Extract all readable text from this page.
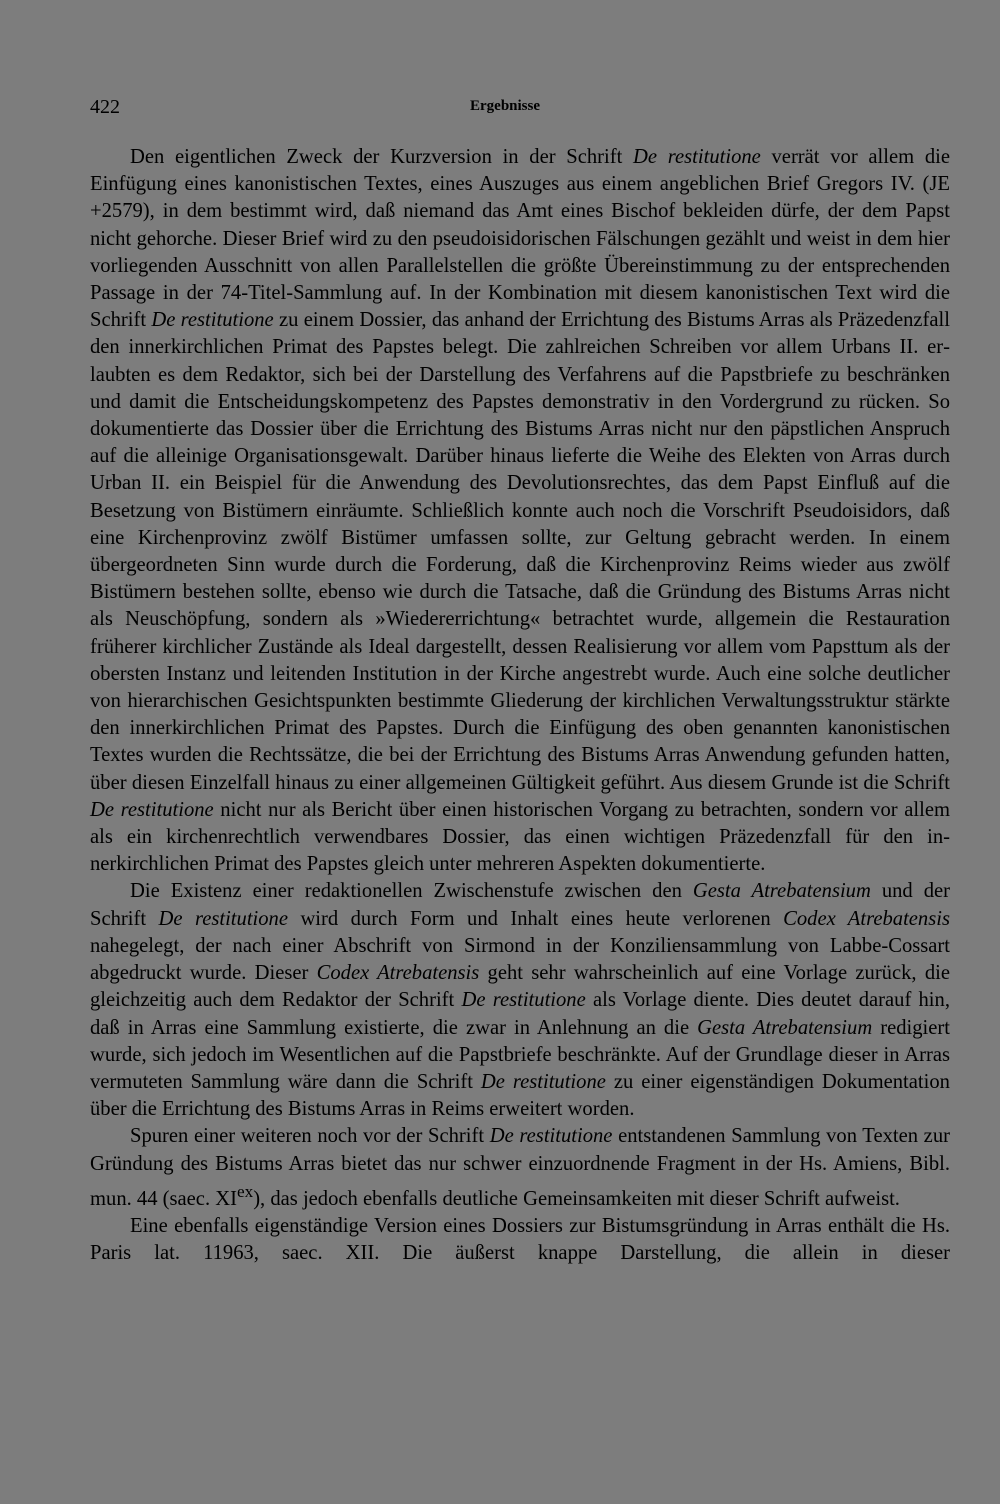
422	Ergebnisse

Den eigentlichen Zweck der Kurzversion in der Schrift De restitutione verrät vor allem die Einfügung eines kanonistischen Textes, eines Auszuges aus einem angeblichen Brief Gregors IV. (JE +2579), in dem bestimmt wird, daß niemand das Amt eines Bischof bekleiden dürfe, der dem Papst nicht gehorche. Dieser Brief wird zu den pseudoisidorischen Fälschungen gezählt und weist in dem hier vorliegenden Ausschnitt von allen Parallelstellen die größte Übereinstimmung zu der entsprechenden Passage in der 74-Titel-Sammlung auf. In der Kombination mit diesem kanonistischen Text wird die Schrift De restitutione zu einem Dossier, das anhand der Errichtung des Bistums Arras als Präzedenzfall den innerkirchlichen Primat des Papstes belegt. Die zahlreichen Schreiben vor allem Urbans II. erlaubten es dem Redaktor, sich bei der Darstellung des Verfahrens auf die Papstbriefe zu beschränken und damit die Entscheidungskompetenz des Papstes demonstrativ in den Vordergrund zu rücken. So dokumentierte das Dossier über die Errichtung des Bistums Arras nicht nur den päpstlichen Anspruch auf die alleinige Organisationsgewalt. Darüber hinaus lieferte die Weihe des Elekten von Arras durch Urban II. ein Beispiel für die Anwendung des Devolutionsrechtes, das dem Papst Einfluß auf die Besetzung von Bistümern einräumte. Schließlich konnte auch noch die Vorschrift Pseudoisidors, daß eine Kirchenprovinz zwölf Bistümer umfassen sollte, zur Geltung gebracht werden. In einem übergeordneten Sinn wurde durch die Forderung, daß die Kirchenprovinz Reims wieder aus zwölf Bistümern bestehen sollte, ebenso wie durch die Tatsache, daß die Gründung des Bistums Arras nicht als Neuschöpfung, sondern als »Wiedererrichtung« betrachtet wurde, allgemein die Restauration früherer kirchlicher Zustände als Ideal dargestellt, dessen Realisierung vor allem vom Papsttum als der obersten Instanz und leitenden Institution in der Kirche angestrebt wurde. Auch eine solche deutlicher von hierarchischen Gesichtspunkten bestimmte Gliederung der kirchlichen Verwaltungsstruktur stärkte den innerkirchlichen Primat des Papstes. Durch die Einfügung des oben genannten kanonistischen Textes wurden die Rechtssätze, die bei der Errichtung des Bistums Arras Anwendung gefunden hatten, über diesen Einzelfall hinaus zu einer allgemeinen Gültigkeit geführt. Aus diesem Grunde ist die Schrift De restitutione nicht nur als Bericht über einen historischen Vorgang zu betrachten, sondern vor allem als ein kirchenrechtlich verwendbares Dossier, das einen wichtigen Präzedenzfall für den innerkirchlichen Primat des Papstes gleich unter mehreren Aspekten dokumentierte.

Die Existenz einer redaktionellen Zwischenstufe zwischen den Gesta Atrebatensium und der Schrift De restitutione wird durch Form und Inhalt eines heute verlorenen Codex Atrebatensis nahegelegt, der nach einer Abschrift von Sirmond in der Konziliensammlung von Labbe-Cossart abgedruckt wurde. Dieser Codex Atrebatensis geht sehr wahrscheinlich auf eine Vorlage zurück, die gleichzeitig auch dem Redaktor der Schrift De restitutione als Vorlage diente. Dies deutet darauf hin, daß in Arras eine Sammlung existierte, die zwar in Anlehnung an die Gesta Atrebatensium redigiert wurde, sich jedoch im Wesentlichen auf die Papstbriefe beschränkte. Auf der Grundlage dieser in Arras vermuteten Sammlung wäre dann die Schrift De restitutione zu einer eigenständigen Dokumentation über die Errichtung des Bistums Arras in Reims erweitert worden.

Spuren einer weiteren noch vor der Schrift De restitutione entstandenen Sammlung von Texten zur Gründung des Bistums Arras bietet das nur schwer einzuordnende Fragment in der Hs. Amiens, Bibl. mun. 44 (saec. $XI^{ex}$), das jedoch ebenfalls deutliche Gemeinsamkeiten mit dieser Schrift aufweist.

Eine ebenfalls eigenständige Version eines Dossiers zur Bistumsgründung in Arras enthält die Hs. Paris lat. 11963, saec. XII. Die äußerst knappe Darstellung, die allein in dieser
